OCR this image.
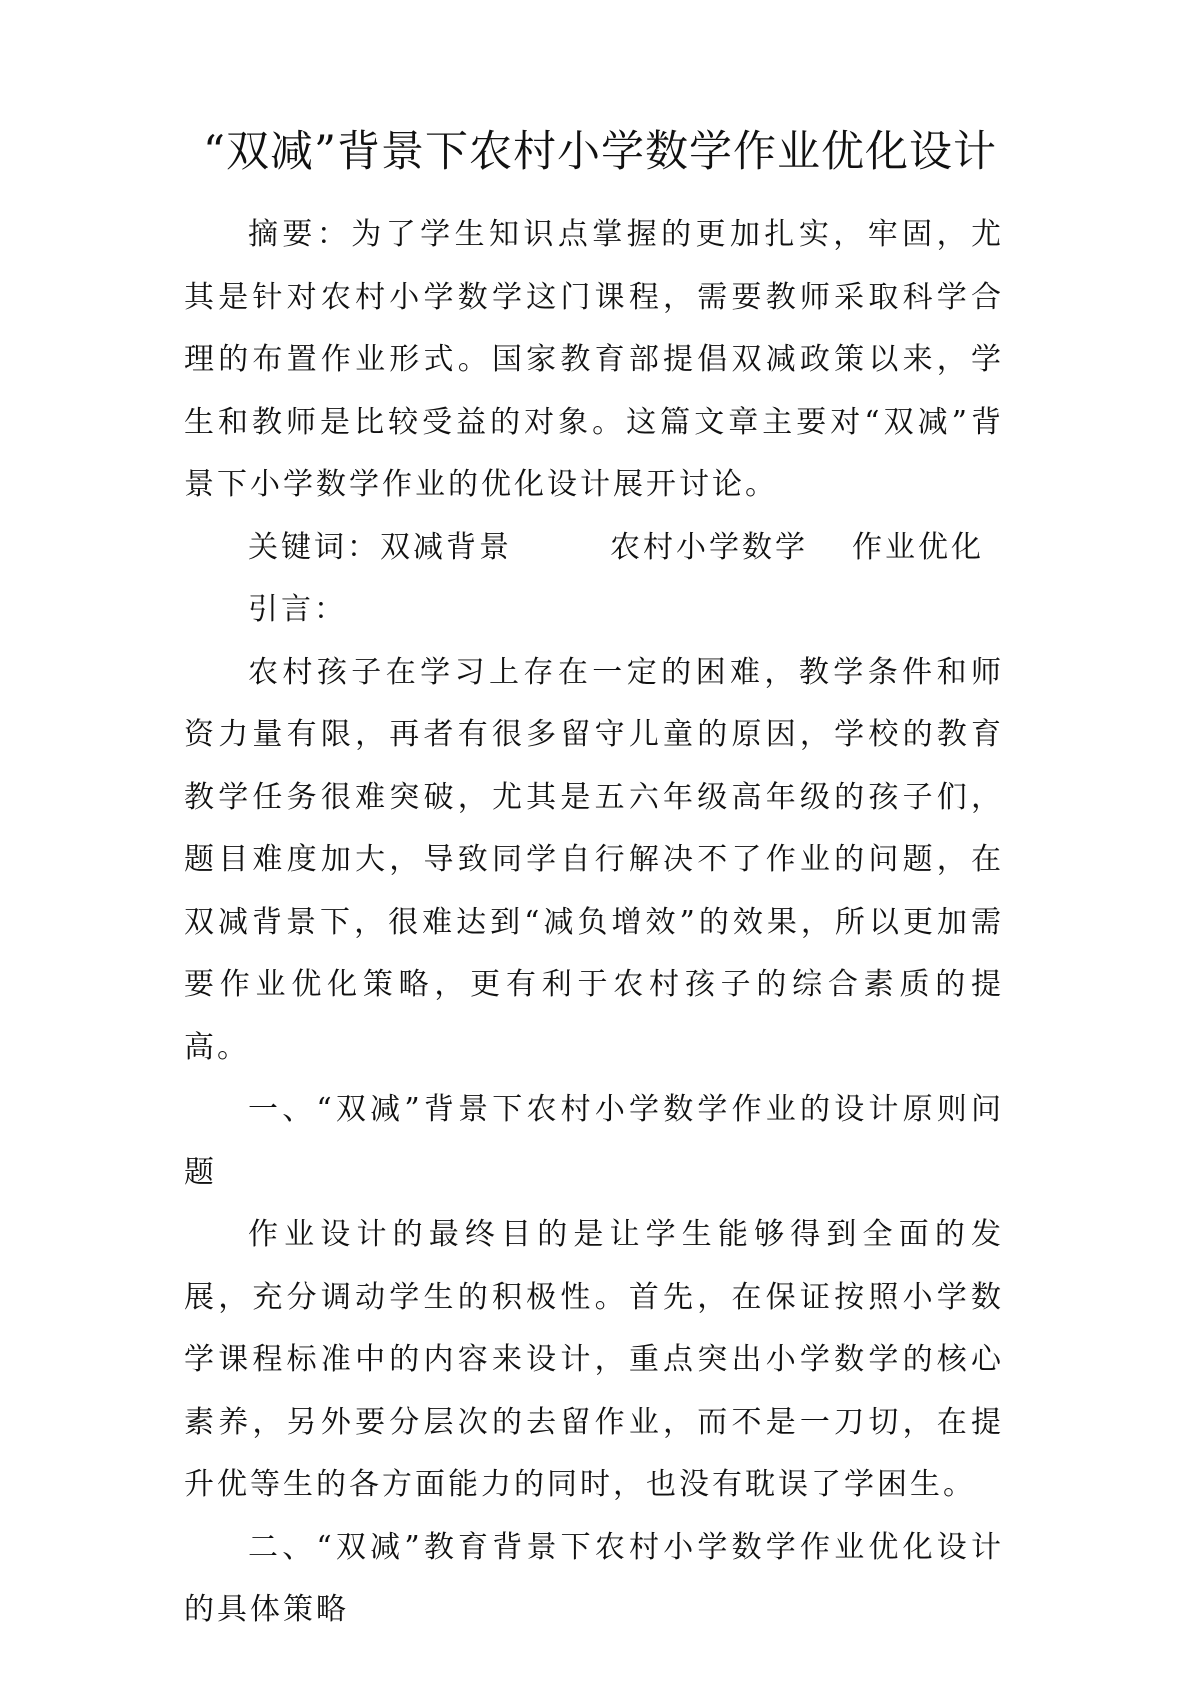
“双减”背景下农村小学数学作业优化设计

摘要：为了学生知识点掌握的更加扎实，牢固，尤其是针对农村小学数学这门课程，需要教师采取科学合理的布置作业形式。国家教育部提倡双减政策以来，学生和教师是比较受益的对象。这篇文章主要对“双减”背景下小学数学作业的优化设计展开讨论。

关键词：双减背景	农村小学数学 作业优化

引言：

农村孩子在学习上存在一定的困难，教学条件和师资力量有限，再者有很多留守儿童的原因，学校的教育教学任务很难突破，尤其是五六年级高年级的孩子们，题目难度加大，导致同学自行解决不了作业的问题，在双减背景下，很难达到“减负增效”的效果，所以更加需要作业优化策略，更有利于农村孩子的综合素质的提高。

一、“双减”背景下农村小学数学作业的设计原则问题

作业设计的最终目的是让学生能够得到全面的发展，充分调动学生的积极性。首先，在保证按照小学数学课程标准中的内容来设计，重点突出小学数学的核心素养，另外要分层次的去留作业，而不是一刀切，在提升优等生的各方面能力的同时，也没有耽误了学困生。

二、“双减”教育背景下农村小学数学作业优化设计的具体策略
